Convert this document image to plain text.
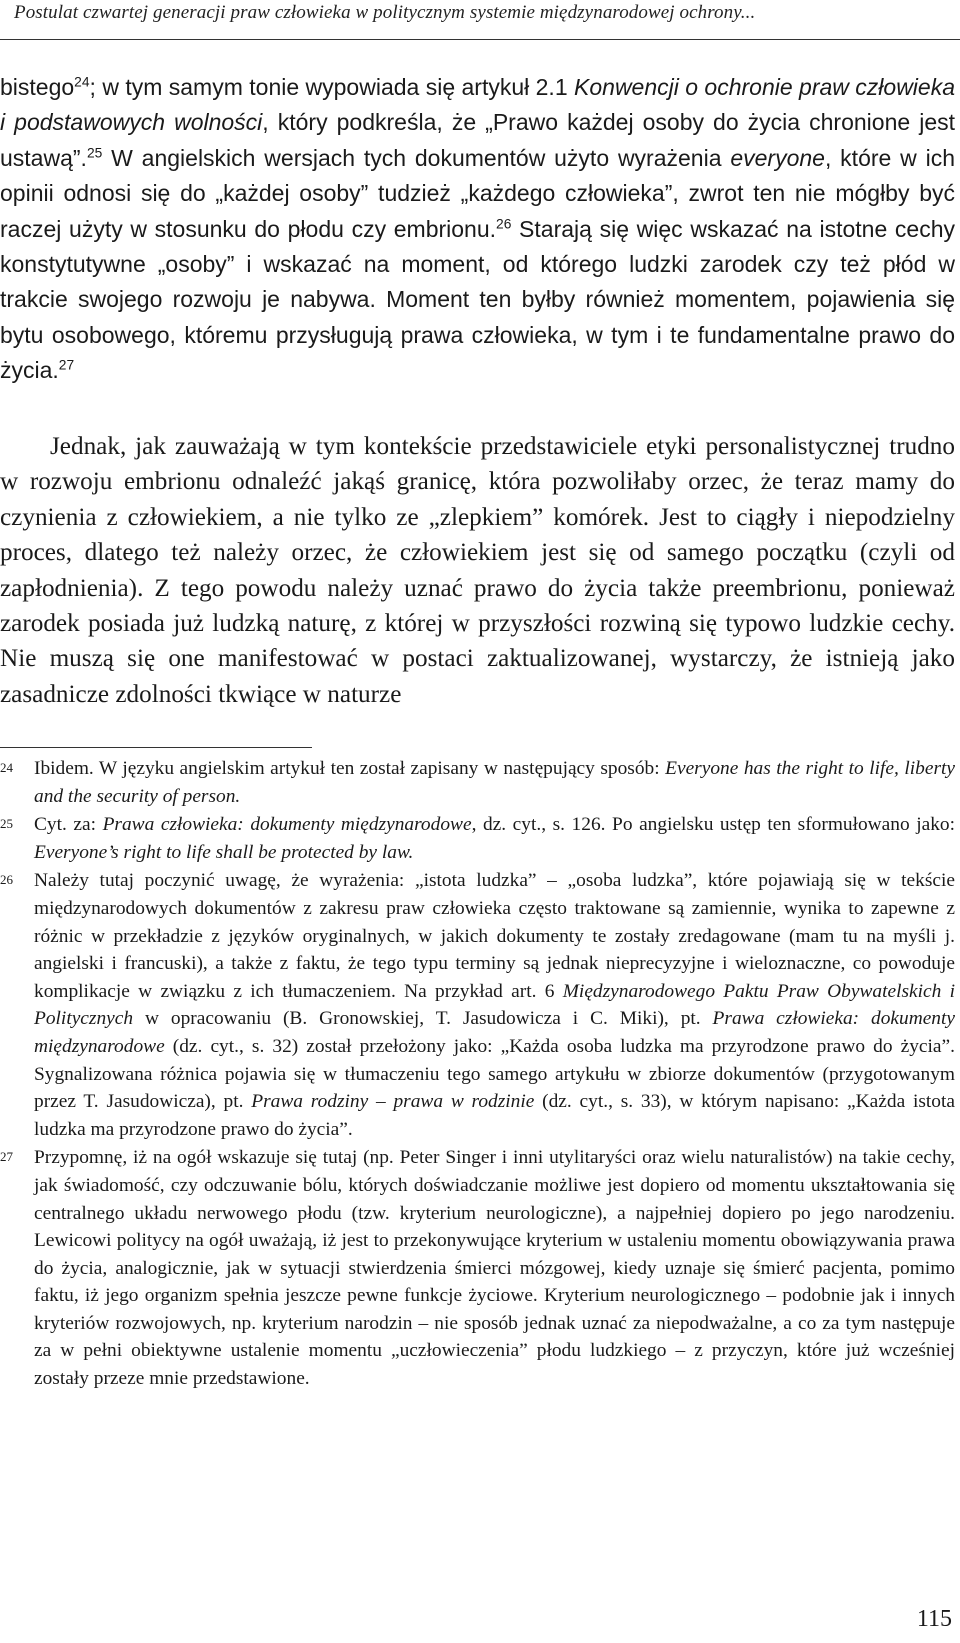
Postulat czwartej generacji praw człowieka w politycznym systemie międzynarodowej ochrony...

bistego$^{24}$; w tym samym tonie wypowiada się artykuł 2.1 Konwencji o ochronie praw człowieka i podstawowych wolności, który podkreśla, że „Prawo każdej osoby do życia chronione jest ustawą”.$^{25}$ W angielskich wersjach tych dokumentów użyto wyrażenia everyone, które w ich opinii odnosi się do „każdej osoby” tudzież „każdego człowieka”, zwrot ten nie mógłby być raczej użyty w stosunku do płodu czy embrionu.$^{26}$ Starają się więc wskazać na istotne cechy konstytutywne „osoby” i wskazać na moment, od którego ludzki zarodek czy też płód w trakcie swojego rozwoju je nabywa. Moment ten byłby również momentem, pojawienia się bytu osobowego, któremu przysługują prawa człowieka, w tym i te fundamentalne prawo do życia.$^{27}$

Jednak, jak zauważają w tym kontekście przedstawiciele etyki personalistycznej trudno w rozwoju embrionu odnaleźć jakąś granicę, która pozwoliłaby orzec, że teraz mamy do czynienia z człowiekiem, a nie tylko ze „zlepkiem” komórek. Jest to ciągły i niepodzielny proces, dlatego też należy orzec, że człowiekiem jest się od samego początku (czyli od zapłodnienia). Z tego powodu należy uznać prawo do życia także preembrionu, ponieważ zarodek posiada już ludzką naturę, z której w przyszłości rozwiną się typowo ludzkie cechy. Nie muszą się one manifestować w postaci zaktualizowanej, wystarczy, że istnieją jako zasadnicze zdolności tkwiące w naturze

24	Ibidem. W języku angielskim artykuł ten został zapisany w następujący sposób: Everyone has the right to life, liberty and the security of person.
25	Cyt. za: Prawa człowieka: dokumenty międzynarodowe, dz. cyt., s. 126. Po angielsku ustęp ten sformułowano jako: Everyone’s right to life shall be protected by law.
26	Należy tutaj poczynić uwagę, że wyrażenia: „istota ludzka” – „osoba ludzka”, które pojawiają się w tekście międzynarodowych dokumentów z zakresu praw człowieka często traktowane są zamiennie, wynika to zapewne z różnic w przekładzie z języków oryginalnych, w jakich dokumenty te zostały zredagowane (mam tu na myśli j. angielski i francuski), a także z faktu, że tego typu terminy są jednak nieprecyzyjne i wieloznaczne, co powoduje komplikacje w związku z ich tłumaczeniem. Na przykład art. 6 Międzynarodowego Paktu Praw Obywatelskich i Politycznych w opracowaniu (B. Gronowskiej, T. Jasudowicza i C. Miki), pt. Prawa człowieka: dokumenty międzynarodowe (dz. cyt., s. 32) został przełożony jako: „Każda osoba ludzka ma przyrodzone prawo do życia”. Sygnalizowana różnica pojawia się w tłumaczeniu tego samego artykułu w zbiorze dokumentów (przygotowanym przez T. Jasudowicza), pt. Prawa rodziny – prawa w rodzinie (dz. cyt., s. 33), w którym napisano: „Każda istota ludzka ma przyrodzone prawo do życia”.
27	Przypomnę, iż na ogół wskazuje się tutaj (np. Peter Singer i inni utylitaryści oraz wielu naturalistów) na takie cechy, jak świadomość, czy odczuwanie bólu, których doświadczanie możliwe jest dopiero od momentu ukształtowania się centralnego układu nerwowego płodu (tzw. kryterium neurologiczne), a najpełniej dopiero po jego narodzeniu. Lewicowi politycy na ogół uważają, iż jest to przekonywujące kryterium w ustaleniu momentu obowiązywania prawa do życia, analogicznie, jak w sytuacji stwierdzenia śmierci mózgowej, kiedy uznaje się śmierć pacjenta, pomimo faktu, iż jego organizm spełnia jeszcze pewne funkcje życiowe. Kryterium neurologicznego – podobnie jak i innych kryteriów rozwojowych, np. kryterium narodzin – nie sposób jednak uznać za niepodważalne, a co za tym następuje za w pełni obiektywne ustalenie momentu „uczłowieczenia” płodu ludzkiego – z przyczyn, które już wcześniej zostały przeze mnie przedstawione.
115
